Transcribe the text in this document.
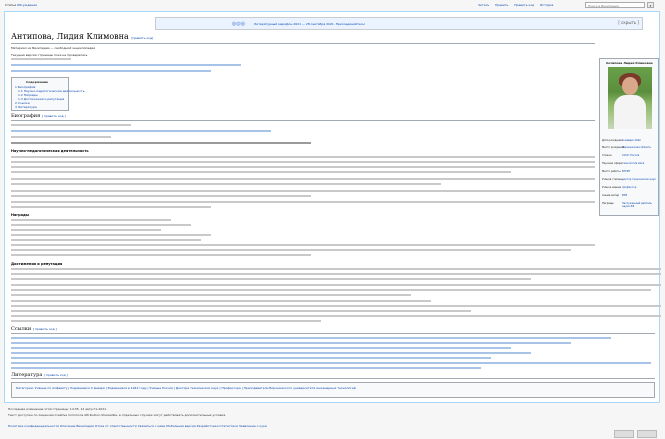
Статья Обсуждение	Читать Править Править код История	Поиск в Википедии	⌕
◎◎◎	Литературный марафон 2021 — 28 сентября 2021. Присоединяйтесь!	[ скрыть ]
Антипова, Лидия Климовна [править код]
Материал из Википедии — свободной энциклопедии
Текущая версия страницы пока не проверялась
Содержание
1 Биография
1.1 Научно-педагогическая деятельность
1.2 Награды
1.3 Достижения и репутация
2 Ссылки
3 Литература
Биография [ править код ]
Научно-педагогическая деятельность
Награды
Достижения и репутация
Ссылки [ править код ]
Литература [ править код ]
Категории: Учёные по алфавиту | Родившиеся 4 января | Родившиеся в 1942 году | Учёные России | Доктора технических наук | Профессора | Преподаватели Воронежского университета инженерных технологий
Антипова Лидия Климовна
Дата рождения 4 января 1942
Место рождения
Воронежская область
Страна	СССР, Россия
Научная сфера технология мяса
Место работы ВГУИТ
Учёная степень доктор технических наук
Учёное звание профессор
Альма-матер ВТИ
Награды	Заслуженный деятель науки РФ
Последнее изменение этой страницы: 14:35, 12 августа 2021.
Текст доступен по лицензии Creative Commons Attribution-ShareAlike; в отдельных случаях могут действовать дополнительные условия.
Политика конфиденциальности Описание Википедии Отказ от ответственности Связаться с нами Мобильная версия Разработчики Статистика Заявление о куки
